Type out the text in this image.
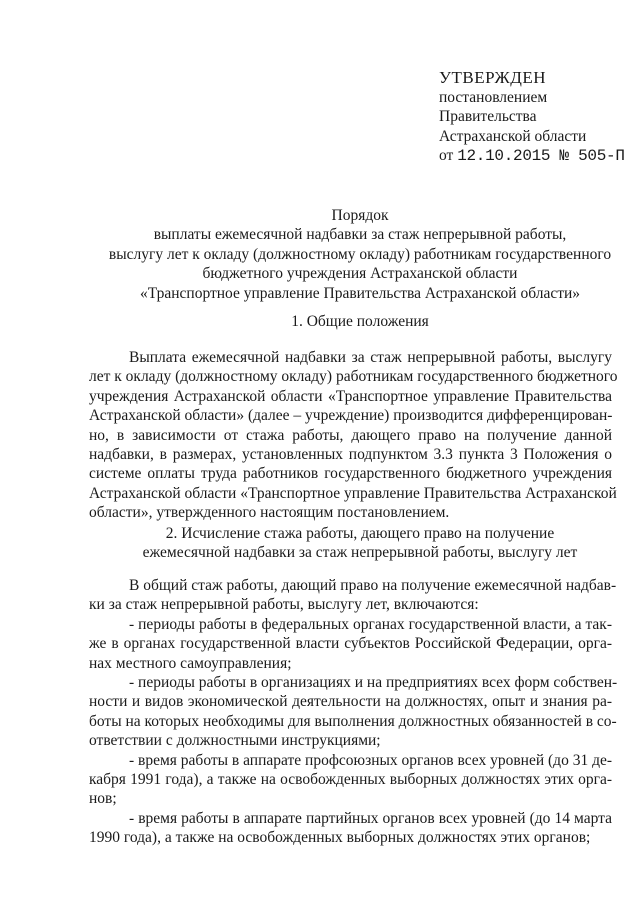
УТВЕРЖДЕН
постановлением
Правительства
Астраханской области
от 12.10.2015 № 505-П
Порядок
выплаты ежемесячной надбавки за стаж непрерывной работы,
выслугу лет к окладу (должностному окладу) работникам государственного
бюджетного учреждения Астраханской области
«Транспортное управление Правительства Астраханской области»
1. Общие положения
Выплата ежемесячной надбавки за стаж непрерывной работы, выслугу
лет к окладу (должностному окладу) работникам государственного бюджетного
учреждения Астраханской области «Транспортное управление Правительства
Астраханской области» (далее – учреждение) производится дифференцирован-
но, в зависимости от стажа работы, дающего право на получение данной
надбавки, в размерах, установленных подпунктом 3.3 пункта 3 Положения о
системе оплаты труда работников государственного бюджетного учреждения
Астраханской области «Транспортное управление Правительства Астраханской
области», утвержденного настоящим постановлением.
2. Исчисление стажа работы, дающего право на получение
ежемесячной надбавки за стаж непрерывной работы, выслугу лет
В общий стаж работы, дающий право на получение ежемесячной надбав-
ки за стаж непрерывной работы, выслугу лет, включаются:
- периоды работы в федеральных органах государственной власти, а так-
же в органах государственной власти субъектов Российской Федерации, орга-
нах местного самоуправления;
- периоды работы в организациях и на предприятиях всех форм собствен-
ности и видов экономической деятельности на должностях, опыт и знания ра-
боты на которых необходимы для выполнения должностных обязанностей в со-
ответствии с должностными инструкциями;
- время работы в аппарате профсоюзных органов всех уровней (до 31 де-
кабря 1991 года), а также на освобожденных выборных должностях этих орга-
нов;
- время работы в аппарате партийных органов всех уровней (до 14 марта
1990 года), а также на освобожденных выборных должностях этих органов;
